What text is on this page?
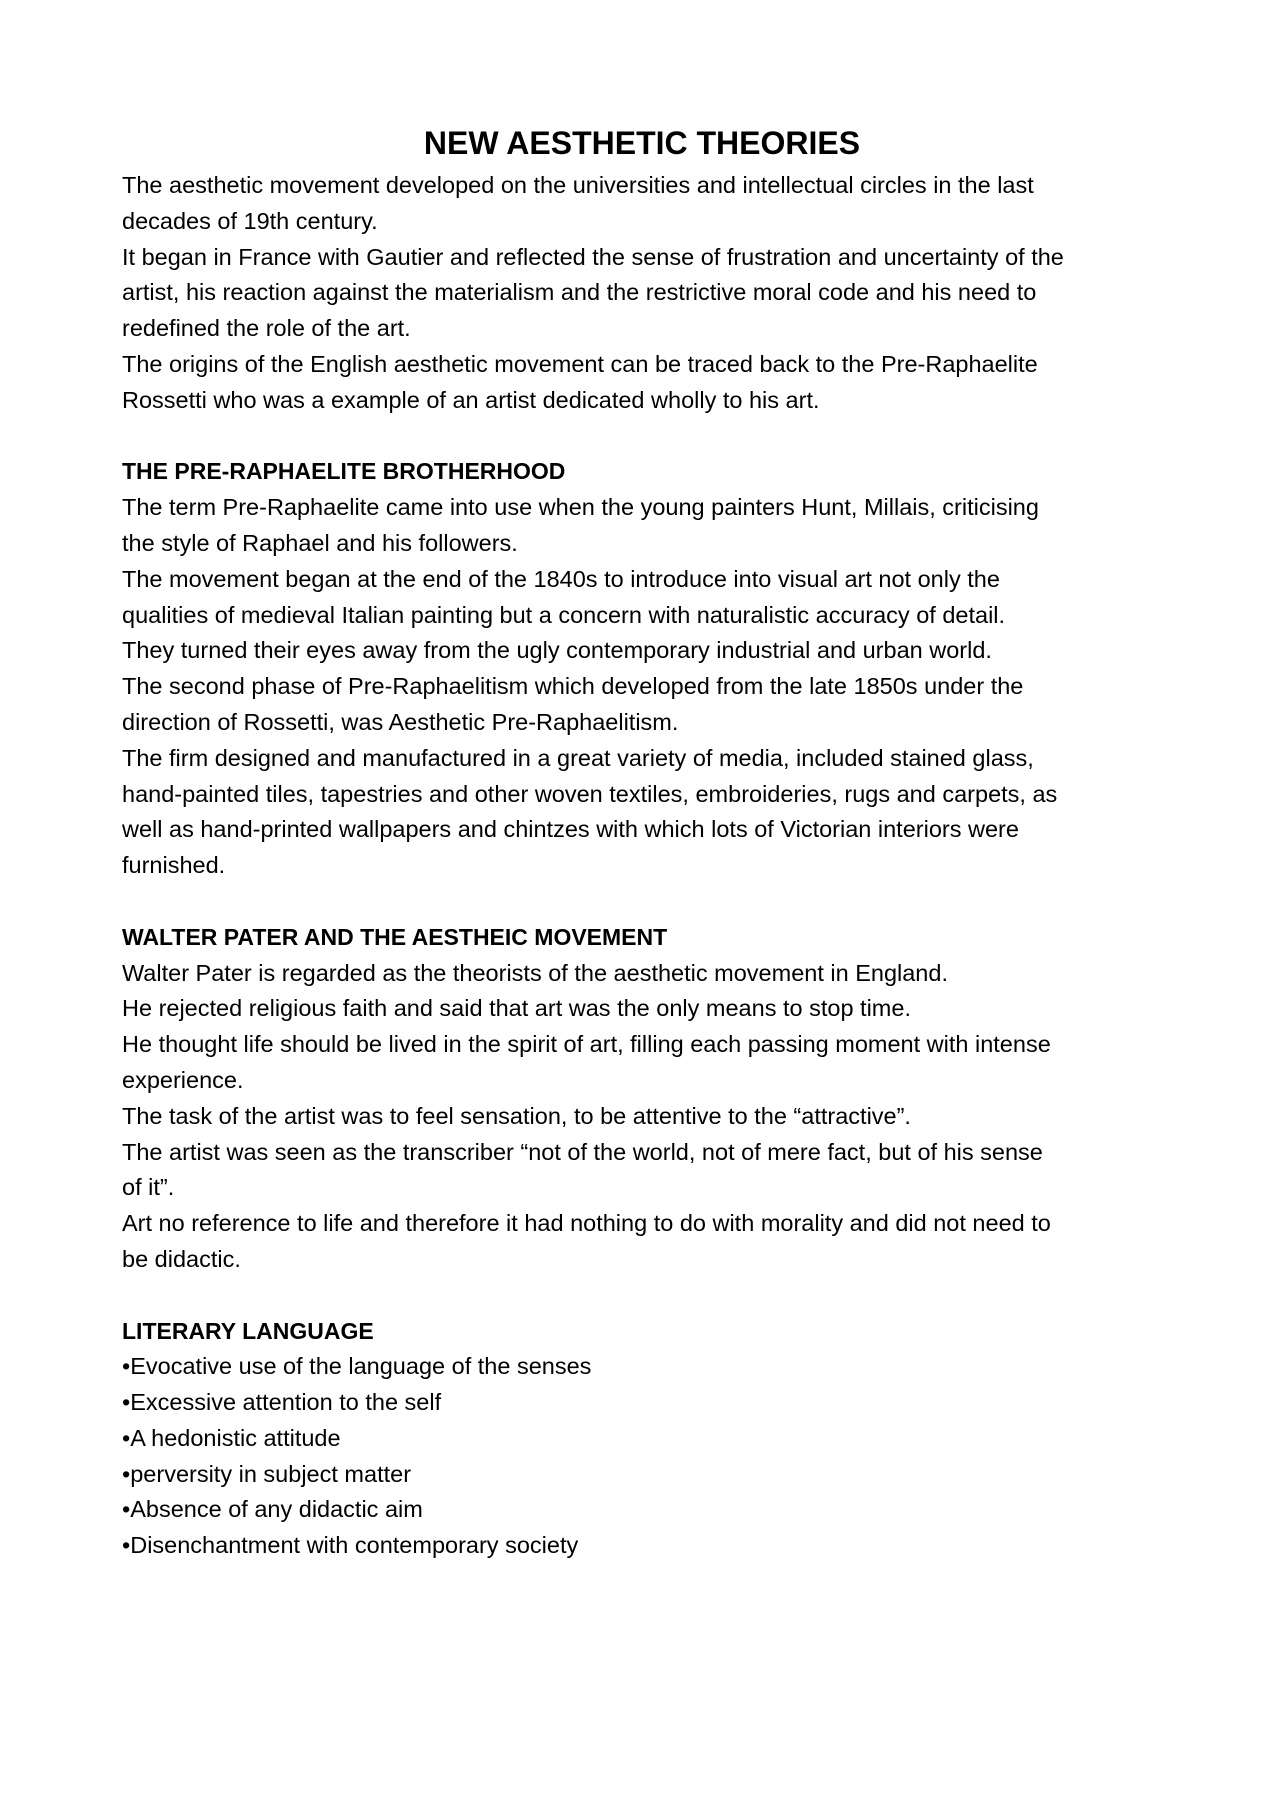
NEW AESTHETIC THEORIES

The aesthetic movement developed on the universities and intellectual circles in the last

decades of 19th century.

It began in France with Gautier and reflected the sense of frustration and uncertainty of the

artist, his reaction against the materialism and the restrictive moral code and his need to

redefined the role of the art.

The origins of the English aesthetic movement can be traced back to the Pre-Raphaelite

Rossetti who was a example of an artist dedicated wholly to his art.

THE PRE-RAPHAELITE BROTHERHOOD

The term Pre-Raphaelite came into use when the young painters Hunt, Millais, criticising

the style of Raphael and his followers.

The movement began at the end of the 1840s to introduce into visual art not only the

qualities of medieval Italian painting but a concern with naturalistic accuracy of detail.

They turned their eyes away from the ugly contemporary industrial and urban world.

The second phase of Pre-Raphaelitism which developed from the late 1850s under the

direction of Rossetti, was Aesthetic Pre-Raphaelitism.

The firm designed and manufactured in a great variety of media, included stained glass,

hand-painted tiles, tapestries and other woven textiles, embroideries, rugs and carpets, as

well as hand-printed wallpapers and chintzes with which lots of Victorian interiors were

furnished.

WALTER PATER AND THE AESTHEIC MOVEMENT

Walter Pater is regarded as the theorists of the aesthetic movement in England.

He rejected religious faith and said that art was the only means to stop time.

He thought life should be lived in the spirit of art, filling each passing moment with intense

experience.

The task of the artist was to feel sensation, to be attentive to the “attractive”.

The artist was seen as the transcriber “not of the world, not of mere fact, but of his sense

of it”.

Art no reference to life and therefore it had nothing to do with morality and did not need to

be didactic.

LITERARY LANGUAGE

•Evocative use of the language of the senses

•Excessive attention to the self

•A hedonistic attitude

•perversity in subject matter

•Absence of any didactic aim

•Disenchantment with contemporary society
